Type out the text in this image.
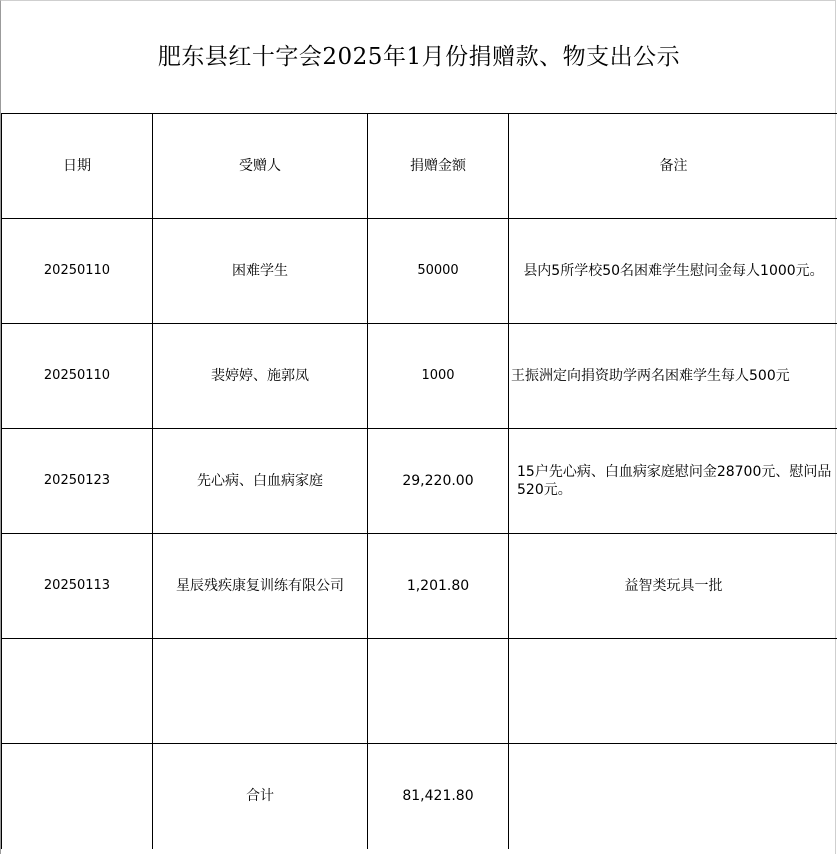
肥东县红十字会2025年1月份捐赠款、物支出公示
日期	受赠人	捐赠金额	备注
20250110	困难学生	50000	县内5所学校50名困难学生慰问金每人1000元。
20250110	裴婷婷、施郭凤	1000	王振洲定向捐资助学两名困难学生每人500元
20250123	先心病、白血病家庭	29,220.00	15户先心病、白血病家庭慰问金28700元、慰问品520元。
20250113	星辰残疾康复训练有限公司	1,201.80	益智类玩具一批

	合计	81,421.80	
